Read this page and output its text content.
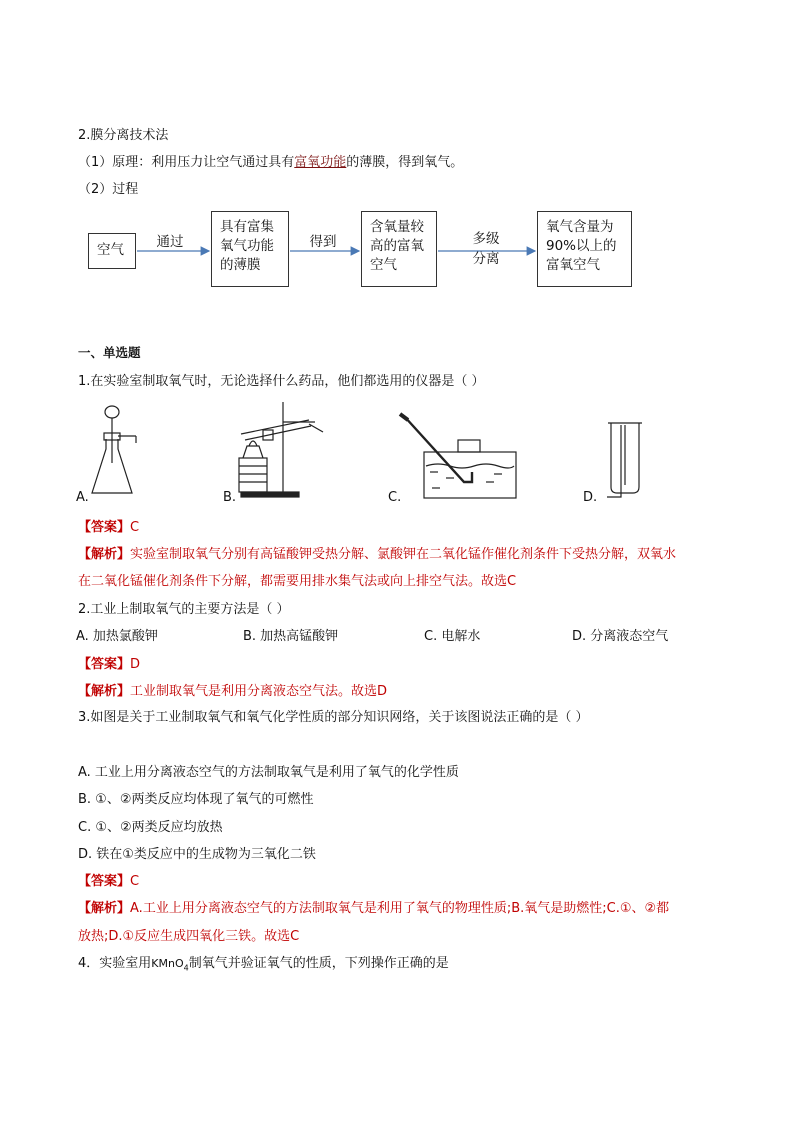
2.膜分离技术法
（1）原理：利用压力让空气通过具有富氧功能的薄膜，得到氧气。
（2）过程
空气
具有富集
氧气功能
的薄膜
含氧量较
高的富氧
空气
氧气含量为
90%以上的
富氧空气
通过	得到	多级
分离
一、单选题
1.在实验室制取氧气时，无论选择什么药品，他们都选用的仪器是（ ）
A.	B.	C.	D.
【答案】C
【解析】实验室制取氧气分别有高锰酸钾受热分解、氯酸钾在二氧化锰作催化剂条件下受热分解，双氧水
在二氧化锰催化剂条件下分解，都需要用排水集气法或向上排空气法。故选C
2.工业上制取氧气的主要方法是（ ）
A. 加热氯酸钾	B. 加热高锰酸钾	C. 电解水	D. 分离液态空气
【答案】D
【解析】工业制取氧气是利用分离液态空气法。故选D
3.如图是关于工业制取氧气和氧气化学性质的部分知识网络，关于该图说法正确的是（ ）
A. 工业上用分离液态空气的方法制取氧气是利用了氧气的化学性质
B. ①、②两类反应均体现了氧气的可燃性
C. ①、②两类反应均放热
D. 铁在①类反应中的生成物为三氧化二铁
【答案】C
【解析】A.工业上用分离液态空气的方法制取氧气是利用了氧气的物理性质;B.氧气是助燃性;C.①、②都
放热;D.①反应生成四氧化三铁。故选C
4．实验室用KMnO$_4$制氧气并验证氧气的性质，下列操作正确的是
